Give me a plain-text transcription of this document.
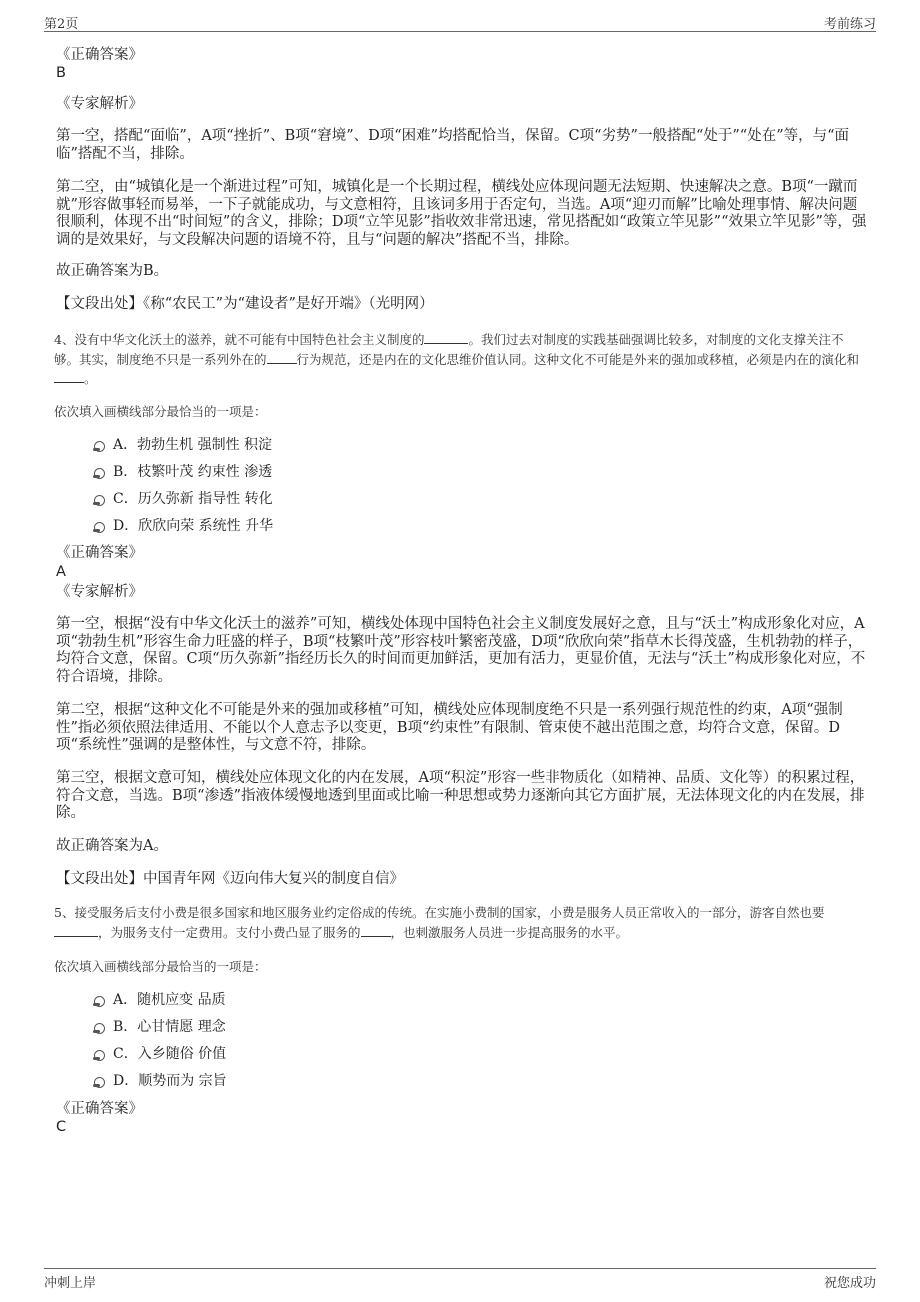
第2页	考前练习

《正确答案》

B

《专家解析》

第一空，搭配“面临”，A项“挫折”、B项“窘境”、D项“困难”均搭配恰当，保留。C项“劣势”一般搭配“处于”“处在”等，与“面临”搭配不当，排除。

第二空，由“城镇化是一个渐进过程”可知，城镇化是一个长期过程，横线处应体现问题无法短期、快速解决之意。B项“一蹴而就”形容做事轻而易举，一下子就能成功，与文意相符，且该词多用于否定句，当选。A项“迎刃而解”比喻处理事情、解决问题很顺利，体现不出“时间短”的含义，排除；D项“立竿见影”指收效非常迅速，常见搭配如“政策立竿见影”“效果立竿见影”等，强调的是效果好，与文段解决问题的语境不符，且与“问题的解决”搭配不当，排除。

故正确答案为B。

【文段出处】《称“农民工”为“建设者”是好开端》（光明网）

4、没有中华文化沃土的滋养，就不可能有中国特色社会主义制度的	。我们过去对制度的实践基础强调比较多，对制度的文化支撑关注不够。其实，制度绝不只是一系列外在的 行为规范，还是内在的文化思维价值认同。这种文化不可能是外来的强加或移植，必须是内在的演化和。

依次填入画横线部分最恰当的一项是：
A． 勃勃生机 强制性 积淀
B． 枝繁叶茂 约束性 渗透
C． 历久弥新 指导性 转化
D． 欣欣向荣 系统性 升华

《正确答案》

A

《专家解析》

第一空，根据“没有中华文化沃土的滋养”可知，横线处体现中国特色社会主义制度发展好之意，且与“沃土”构成形象化对应，A项“勃勃生机”形容生命力旺盛的样子，B项“枝繁叶茂”形容枝叶繁密茂盛，D项“欣欣向荣”指草木长得茂盛，生机勃勃的样子，均符合文意，保留。C项“历久弥新”指经历长久的时间而更加鲜活，更加有活力，更显价值，无法与“沃土”构成形象化对应，不符合语境，排除。

第二空，根据“这种文化不可能是外来的强加或移植”可知，横线处应体现制度绝不只是一系列强行规范性的约束，A项“强制性”指必须依照法律适用、不能以个人意志予以变更，B项“约束性”有限制、管束使不越出范围之意，均符合文意，保留。D项“系统性”强调的是整体性，与文意不符，排除。

第三空，根据文意可知，横线处应体现文化的内在发展，A项“积淀”形容一些非物质化（如精神、品质、文化等）的积累过程，符合文意，当选。B项“渗透”指液体缓慢地透到里面或比喻一种思想或势力逐渐向其它方面扩展，无法体现文化的内在发展，排除。

故正确答案为A。

【文段出处】中国青年网《迈向伟大复兴的制度自信》

5、接受服务后支付小费是很多国家和地区服务业约定俗成的传统。在实施小费制的国家，小费是服务人员正常收入的一部分，游客自然也要，为服务支付一定费用。支付小费凸显了服务的 ，也刺激服务人员进一步提高服务的水平。

依次填入画横线部分最恰当的一项是：
A． 随机应变 品质
B． 心甘情愿 理念
C． 入乡随俗 价值
D． 顺势而为 宗旨

《正确答案》

C

冲刺上岸	祝您成功
